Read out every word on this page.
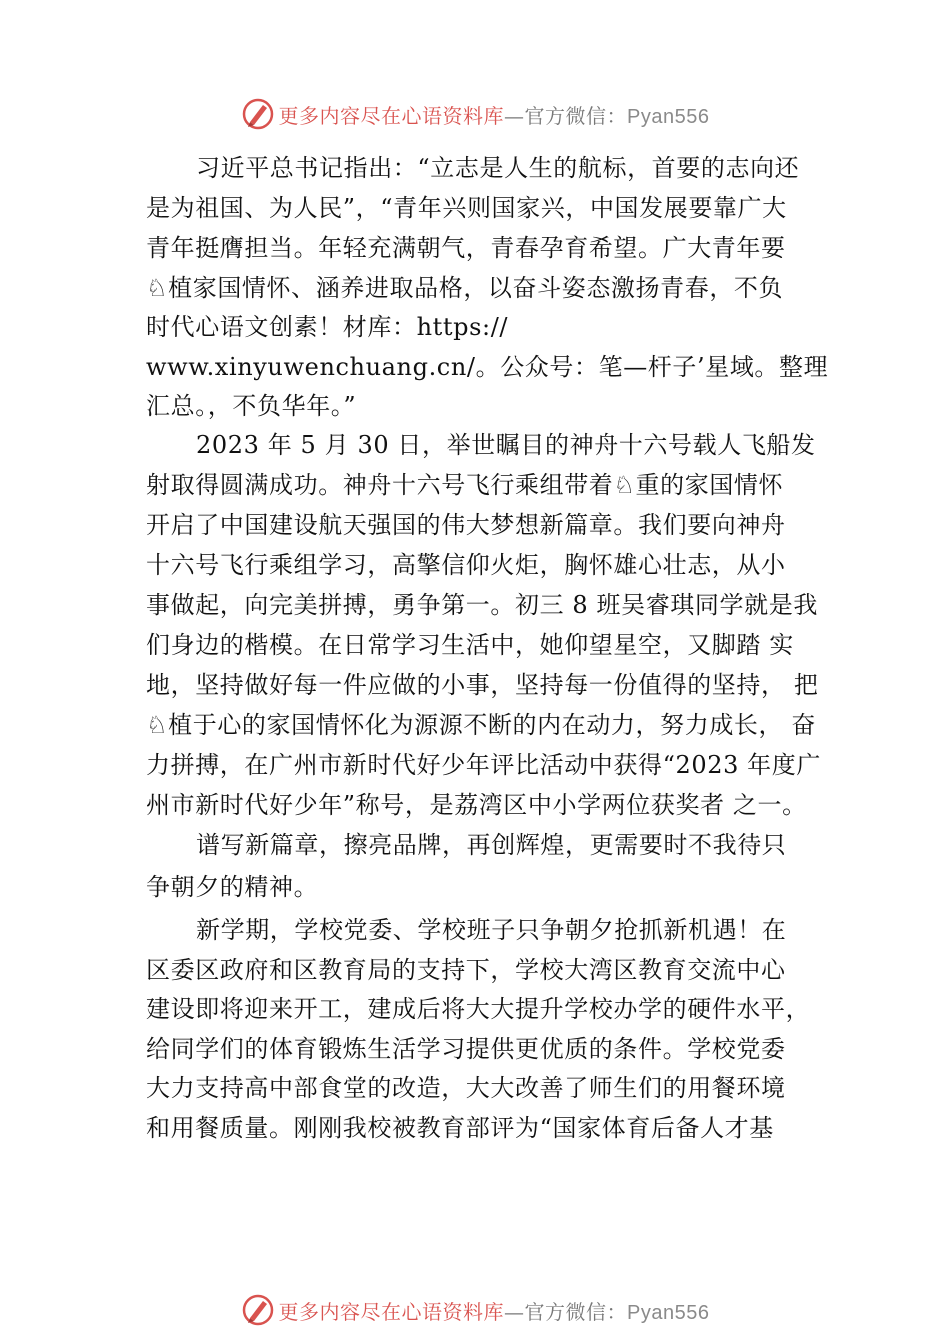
更多内容尽在心语资料库—官方微信：Pyan556
习近平总书记指出：“立志是人生的航标，首要的志向还
是为祖国、为人民”，“青年兴则国家兴，中国发展要靠广大
青年挺膺担当。年轻充满朝气，青春孕育希望。广大青年要
♘植家国情怀、涵养进取品格，以奋斗姿态激扬青春，不负
时代心语文创素！材库：https://
www.xinyuwenchuang.cn/。公众号：笔—杆子’星域。整理
汇总。，不负华年。”
2023 年 5 月 30 日，举世瞩目的神舟十六号载人飞船发
射取得圆满成功。神舟十六号飞行乘组带着♘重的家国情怀
开启了中国建设航天强国的伟大梦想新篇章。我们要向神舟
十六号飞行乘组学习，高擎信仰火炬，胸怀雄心壮志，从小
事做起，向完美拼搏，勇争第一。初三 8 班吴睿琪同学就是我
们身边的楷模。在日常学习生活中，她仰望星空，又脚踏 实
地，坚持做好每一件应做的小事，坚持每一份值得的坚持， 把
♘植于心的家国情怀化为源源不断的内在动力，努力成长， 奋
力拼搏，在广州市新时代好少年评比活动中获得“2023 年度广
州市新时代好少年”称号，是荔湾区中小学两位获奖者 之一。
谱写新篇章，擦亮品牌，再创辉煌，更需要时不我待只
争朝夕的精神。
新学期，学校党委、学校班子只争朝夕抢抓新机遇！在
区委区政府和区教育局的支持下，学校大湾区教育交流中心
建设即将迎来开工，建成后将大大提升学校办学的硬件水平，
给同学们的体育锻炼生活学习提供更优质的条件。学校党委
大力支持高中部食堂的改造，大大改善了师生们的用餐环境
和用餐质量。刚刚我校被教育部评为“国家体育后备人才基
更多内容尽在心语资料库—官方微信：Pyan556
